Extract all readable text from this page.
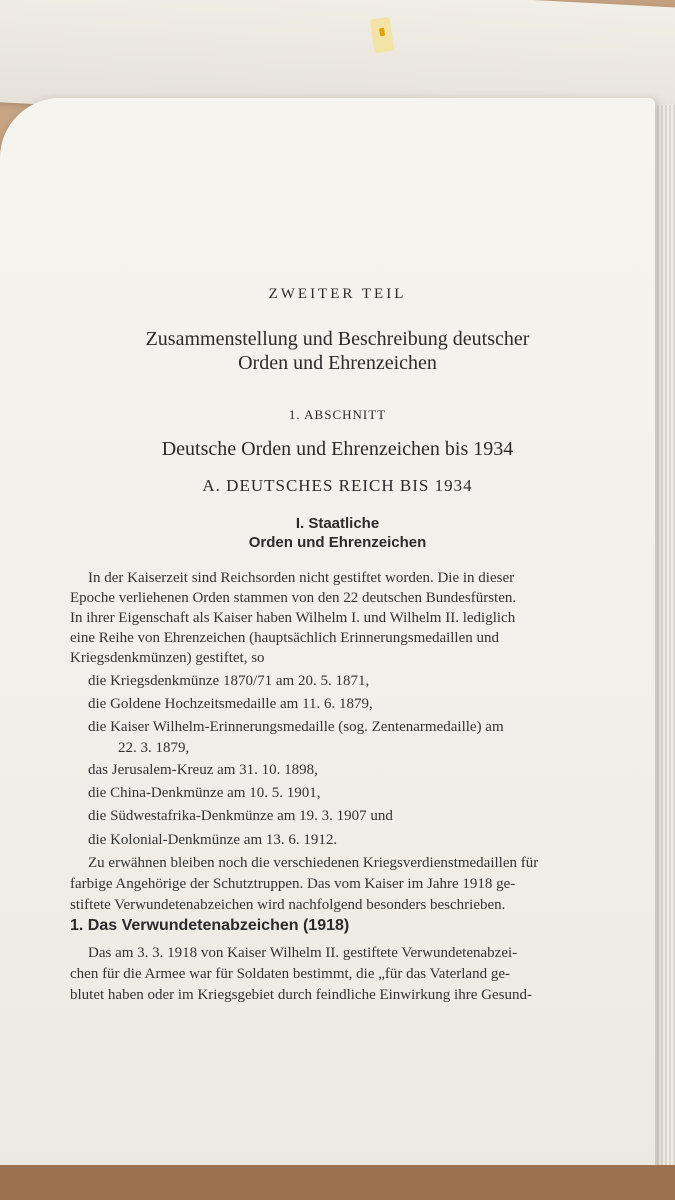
ZWEITER TEIL
Zusammenstellung und Beschreibung deutscher
Orden und Ehrenzeichen
1. ABSCHNITT
Deutsche Orden und Ehrenzeichen bis 1934
A. DEUTSCHES REICH BIS 1934
I. Staatliche
Orden und Ehrenzeichen
In der Kaiserzeit sind Reichsorden nicht gestiftet worden. Die in dieser
Epoche verliehenen Orden stammen von den 22 deutschen Bundesfürsten.
In ihrer Eigenschaft als Kaiser haben Wilhelm I. und Wilhelm II. lediglich
eine Reihe von Ehrenzeichen (hauptsächlich Erinnerungsmedaillen und
Kriegsdenkmünzen) gestiftet, so
die Kriegsdenkmünze 1870/71 am 20. 5. 1871,
die Goldene Hochzeitsmedaille am 11. 6. 1879,
die Kaiser Wilhelm-Erinnerungsmedaille (sog. Zentenarmedaille) am
22. 3. 1879,
das Jerusalem-Kreuz am 31. 10. 1898,
die China-Denkmünze am 10. 5. 1901,
die Südwestafrika-Denkmünze am 19. 3. 1907 und
die Kolonial-Denkmünze am 13. 6. 1912.
Zu erwähnen bleiben noch die verschiedenen Kriegsverdienstmedaillen für
farbige Angehörige der Schutztruppen. Das vom Kaiser im Jahre 1918 ge-
stiftete Verwundetenabzeichen wird nachfolgend besonders beschrieben.
1. Das Verwundetenabzeichen (1918)
Das am 3. 3. 1918 von Kaiser Wilhelm II. gestiftete Verwundetenabzei-
chen für die Armee war für Soldaten bestimmt, die „für das Vaterland ge-
blutet haben oder im Kriegsgebiet durch feindliche Einwirkung ihre Gesund-
